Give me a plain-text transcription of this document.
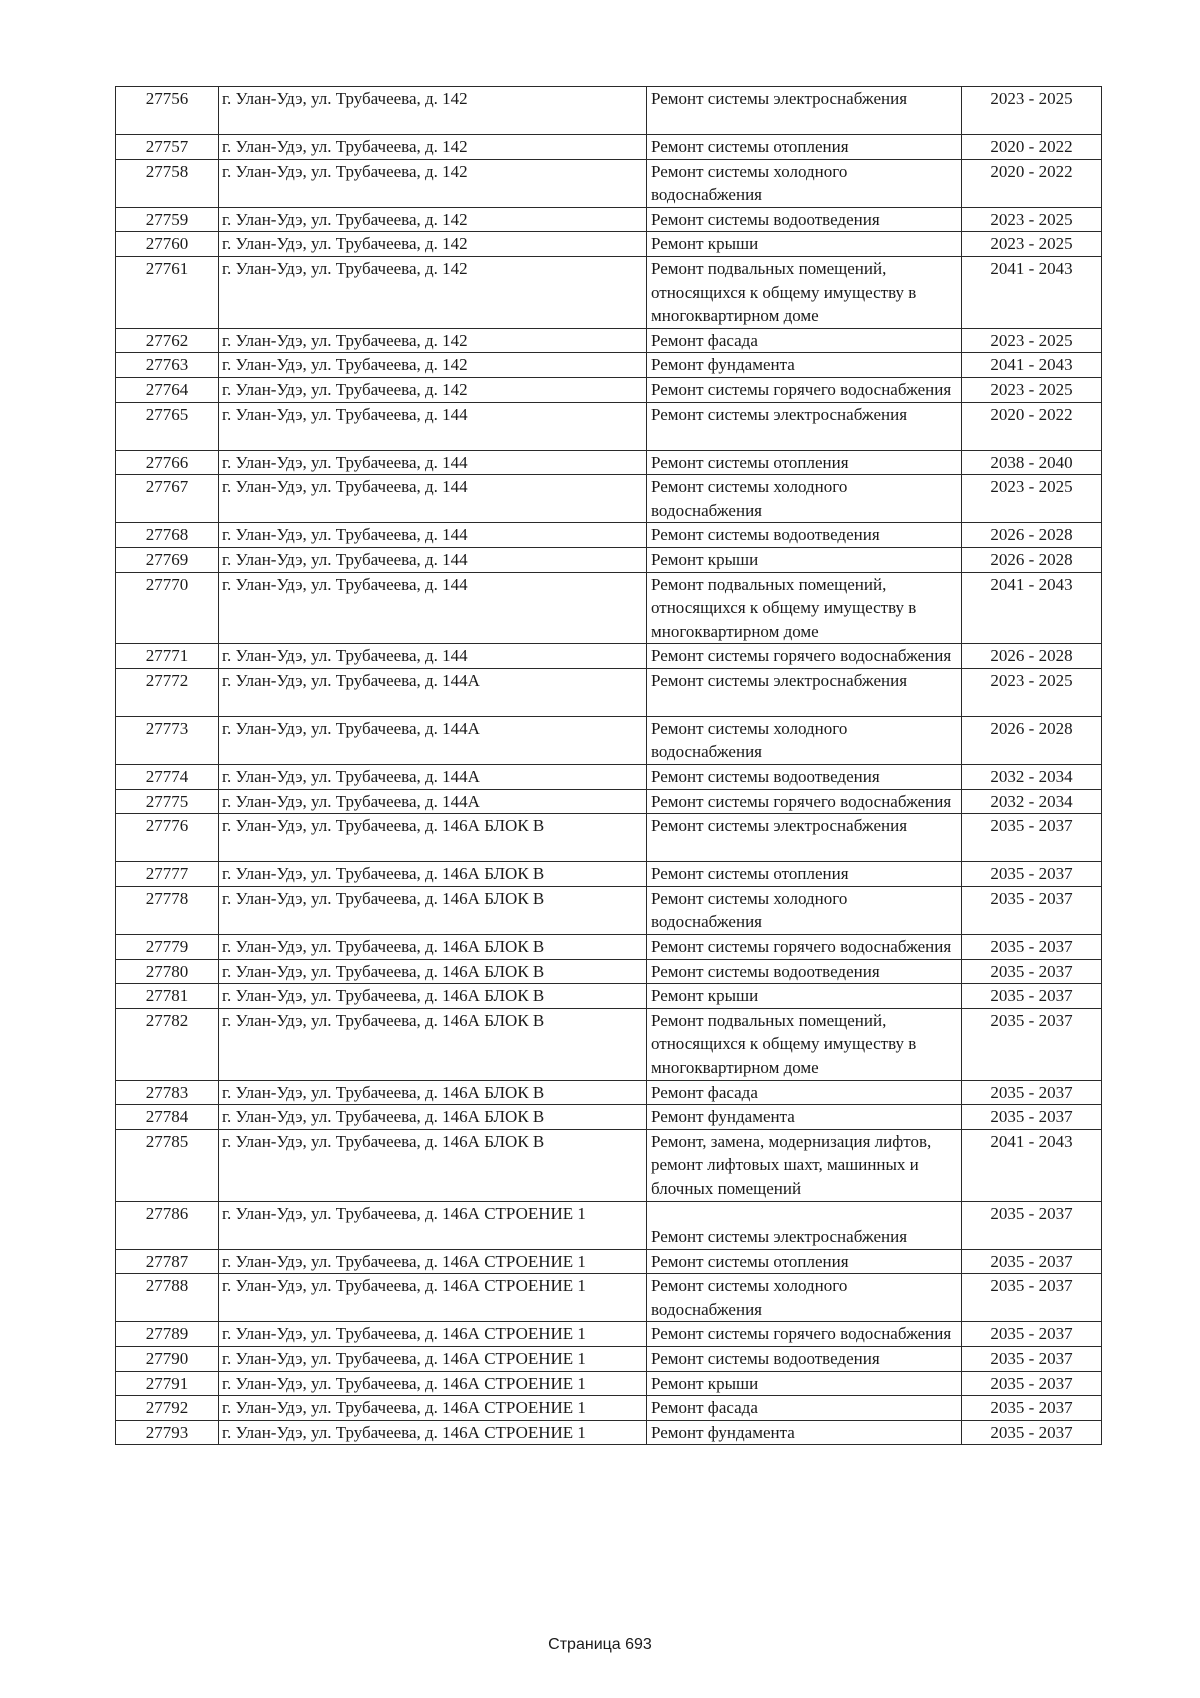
27756	г. Улан-Удэ, ул. Трубачеева, д. 142	Ремонт системы электроснабжения	2023 - 2025
27757	г. Улан-Удэ, ул. Трубачеева, д. 142	Ремонт системы отопления	2020 - 2022
27758	г. Улан-Удэ, ул. Трубачеева, д. 142	Ремонт системы холодного водоснабжения	2020 - 2022
27759	г. Улан-Удэ, ул. Трубачеева, д. 142	Ремонт системы водоотведения	2023 - 2025
27760	г. Улан-Удэ, ул. Трубачеева, д. 142	Ремонт крыши	2023 - 2025
27761	г. Улан-Удэ, ул. Трубачеева, д. 142	Ремонт подвальных помещений, относящихся к общему имуществу в многоквартирном доме	2041 - 2043
27762	г. Улан-Удэ, ул. Трубачеева, д. 142	Ремонт фасада	2023 - 2025
27763	г. Улан-Удэ, ул. Трубачеева, д. 142	Ремонт фундамента	2041 - 2043
27764	г. Улан-Удэ, ул. Трубачеева, д. 142	Ремонт системы горячего водоснабжения	2023 - 2025
27765	г. Улан-Удэ, ул. Трубачеева, д. 144	Ремонт системы электроснабжения	2020 - 2022
27766	г. Улан-Удэ, ул. Трубачеева, д. 144	Ремонт системы отопления	2038 - 2040
27767	г. Улан-Удэ, ул. Трубачеева, д. 144	Ремонт системы холодного водоснабжения	2023 - 2025
27768	г. Улан-Удэ, ул. Трубачеева, д. 144	Ремонт системы водоотведения	2026 - 2028
27769	г. Улан-Удэ, ул. Трубачеева, д. 144	Ремонт крыши	2026 - 2028
27770	г. Улан-Удэ, ул. Трубачеева, д. 144	Ремонт подвальных помещений, относящихся к общему имуществу в многоквартирном доме	2041 - 2043
27771	г. Улан-Удэ, ул. Трубачеева, д. 144	Ремонт системы горячего водоснабжения	2026 - 2028
27772	г. Улан-Удэ, ул. Трубачеева, д. 144А	Ремонт системы электроснабжения	2023 - 2025
27773	г. Улан-Удэ, ул. Трубачеева, д. 144А	Ремонт системы холодного водоснабжения	2026 - 2028
27774	г. Улан-Удэ, ул. Трубачеева, д. 144А	Ремонт системы водоотведения	2032 - 2034
27775	г. Улан-Удэ, ул. Трубачеева, д. 144А	Ремонт системы горячего водоснабжения	2032 - 2034
27776	г. Улан-Удэ, ул. Трубачеева, д. 146А БЛОК В	Ремонт системы электроснабжения	2035 - 2037
27777	г. Улан-Удэ, ул. Трубачеева, д. 146А БЛОК В	Ремонт системы отопления	2035 - 2037
27778	г. Улан-Удэ, ул. Трубачеева, д. 146А БЛОК В	Ремонт системы холодного водоснабжения	2035 - 2037
27779	г. Улан-Удэ, ул. Трубачеева, д. 146А БЛОК В	Ремонт системы горячего водоснабжения	2035 - 2037
27780	г. Улан-Удэ, ул. Трубачеева, д. 146А БЛОК В	Ремонт системы водоотведения	2035 - 2037
27781	г. Улан-Удэ, ул. Трубачеева, д. 146А БЛОК В	Ремонт крыши	2035 - 2037
27782	г. Улан-Удэ, ул. Трубачеева, д. 146А БЛОК В	Ремонт подвальных помещений, относящихся к общему имуществу в многоквартирном доме	2035 - 2037
27783	г. Улан-Удэ, ул. Трубачеева, д. 146А БЛОК В	Ремонт фасада	2035 - 2037
27784	г. Улан-Удэ, ул. Трубачеева, д. 146А БЛОК В	Ремонт фундамента	2035 - 2037
27785	г. Улан-Удэ, ул. Трубачеева, д. 146А БЛОК В	Ремонт, замена, модернизация лифтов, ремонт лифтовых шахт, машинных и блочных помещений	2041 - 2043
27786	г. Улан-Удэ, ул. Трубачеева, д. 146А СТРОЕНИЕ 1	Ремонт системы электроснабжения	2035 - 2037
27787	г. Улан-Удэ, ул. Трубачеева, д. 146А СТРОЕНИЕ 1	Ремонт системы отопления	2035 - 2037
27788	г. Улан-Удэ, ул. Трубачеева, д. 146А СТРОЕНИЕ 1	Ремонт системы холодного водоснабжения	2035 - 2037
27789	г. Улан-Удэ, ул. Трубачеева, д. 146А СТРОЕНИЕ 1	Ремонт системы горячего водоснабжения	2035 - 2037
27790	г. Улан-Удэ, ул. Трубачеева, д. 146А СТРОЕНИЕ 1	Ремонт системы водоотведения	2035 - 2037
27791	г. Улан-Удэ, ул. Трубачеева, д. 146А СТРОЕНИЕ 1	Ремонт крыши	2035 - 2037
27792	г. Улан-Удэ, ул. Трубачеева, д. 146А СТРОЕНИЕ 1	Ремонт фасада	2035 - 2037
27793	г. Улан-Удэ, ул. Трубачеева, д. 146А СТРОЕНИЕ 1	Ремонт фундамента	2035 - 2037
Страница 693
